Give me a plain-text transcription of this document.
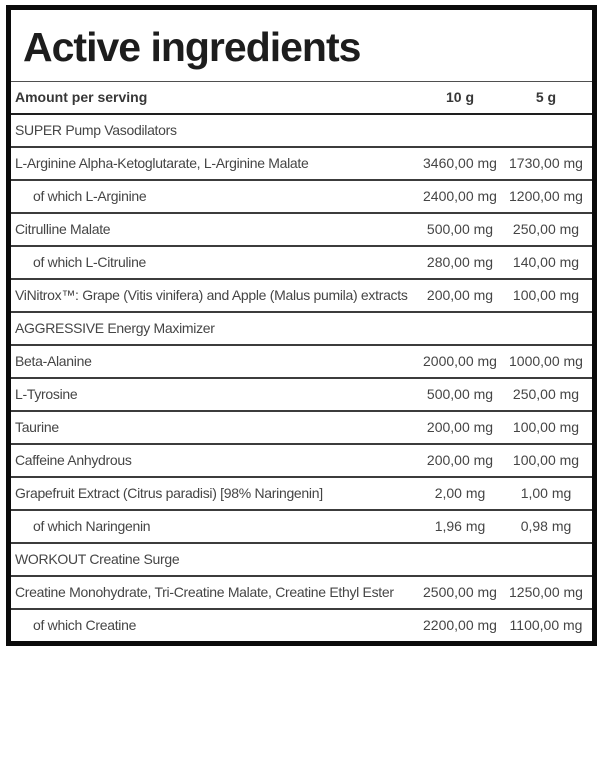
Active ingredients
Amount per serving	10 g	5 g
SUPER Pump Vasodilators		
L-Arginine Alpha-Ketoglutarate, L-Arginine Malate	3460,00 mg	1730,00 mg
of which L-Arginine	2400,00 mg	1200,00 mg
Citrulline Malate	500,00 mg	250,00 mg
of which L-Citruline	280,00 mg	140,00 mg
ViNitrox™: Grape (Vitis vinifera) and Apple (Malus pumila) extracts	200,00 mg	100,00 mg
AGGRESSIVE Energy Maximizer		
Beta-Alanine	2000,00 mg	1000,00 mg
L-Tyrosine	500,00 mg	250,00 mg
Taurine	200,00 mg	100,00 mg
Caffeine Anhydrous	200,00 mg	100,00 mg
Grapefruit Extract (Citrus paradisi) [98% Naringenin]	2,00 mg	1,00 mg
of which Naringenin	1,96 mg	0,98 mg
WORKOUT Creatine Surge		
Creatine Monohydrate, Tri-Creatine Malate, Creatine Ethyl Ester	2500,00 mg	1250,00 mg
of which Creatine	2200,00 mg	1100,00 mg
